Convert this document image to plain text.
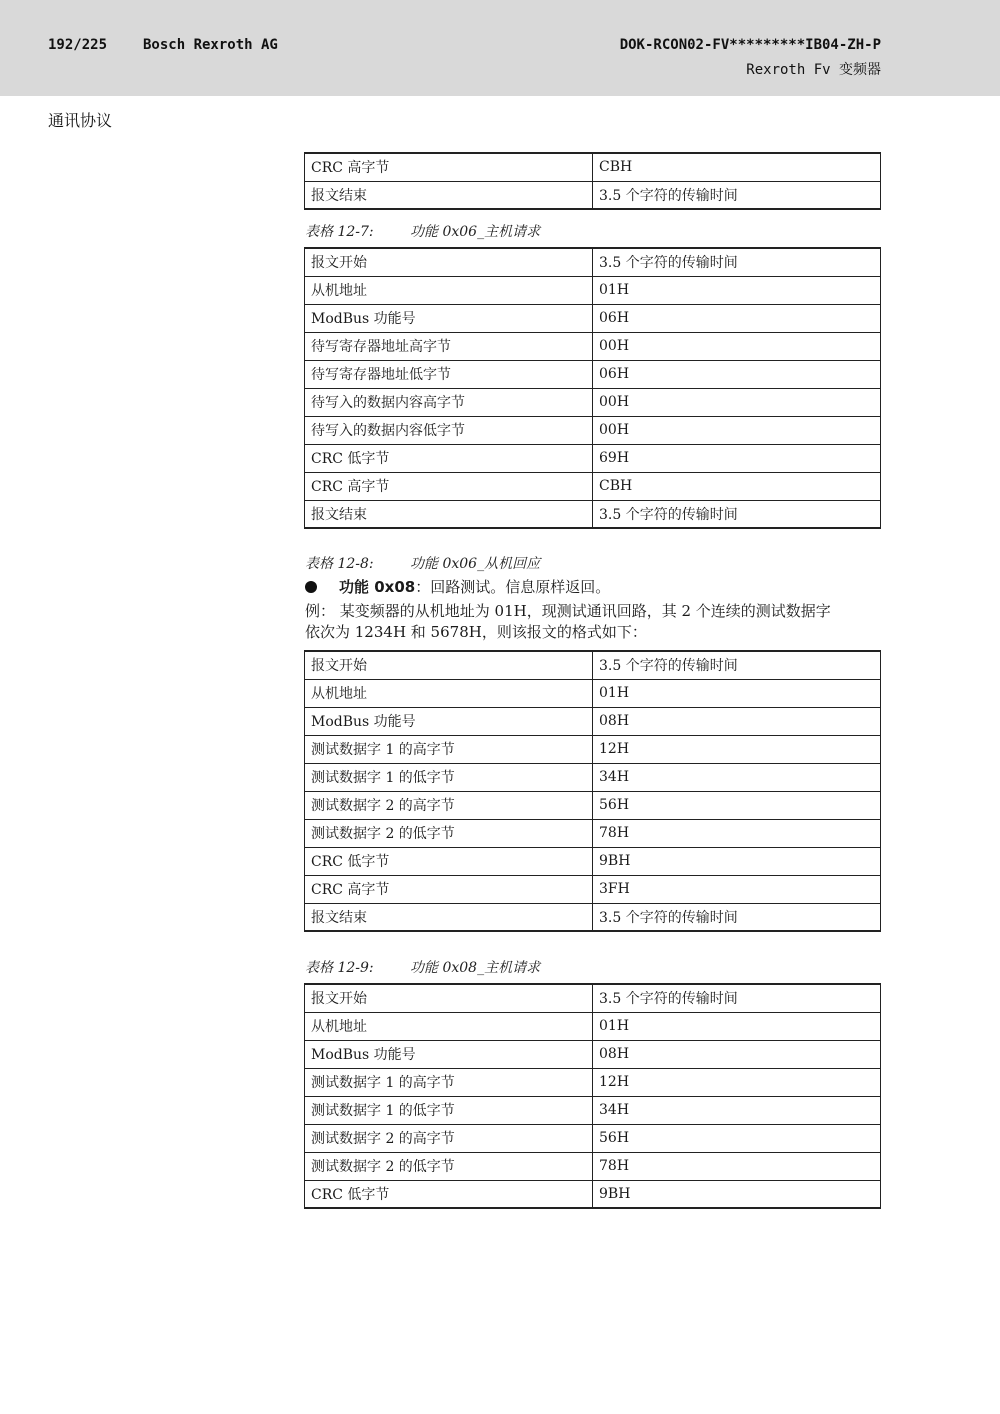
192/225	Bosch Rexroth AG	DOK-RCON02-FV*********IB04-ZH-P
Rexroth Fv 变频器
通讯协议
CRC 高字节	CBH
报文结束	3.5 个字符的传输时间
表格 12-7:	功能 0x06_主机请求
报文开始	3.5 个字符的传输时间
从机地址	01H
ModBus 功能号	06H
待写寄存器地址高字节	00H
待写寄存器地址低字节	06H
待写入的数据内容高字节	00H
待写入的数据内容低字节	00H
CRC 低字节	69H
CRC 高字节	CBH
报文结束	3.5 个字符的传输时间
表格 12-8:	功能 0x06_从机回应
功能 0x08：回路测试。信息原样返回。
例： 某变频器的从机地址为 01H，现测试通讯回路，其 2 个连续的测试数据字
依次为 1234H 和 5678H，则该报文的格式如下：
报文开始	3.5 个字符的传输时间
从机地址	01H
ModBus 功能号	08H
测试数据字 1 的高字节	12H
测试数据字 1 的低字节	34H
测试数据字 2 的高字节	56H
测试数据字 2 的低字节	78H
CRC 低字节	9BH
CRC 高字节	3FH
报文结束	3.5 个字符的传输时间
表格 12-9:	功能 0x08_主机请求
报文开始	3.5 个字符的传输时间
从机地址	01H
ModBus 功能号	08H
测试数据字 1 的高字节	12H
测试数据字 1 的低字节	34H
测试数据字 2 的高字节	56H
测试数据字 2 的低字节	78H
CRC 低字节	9BH
